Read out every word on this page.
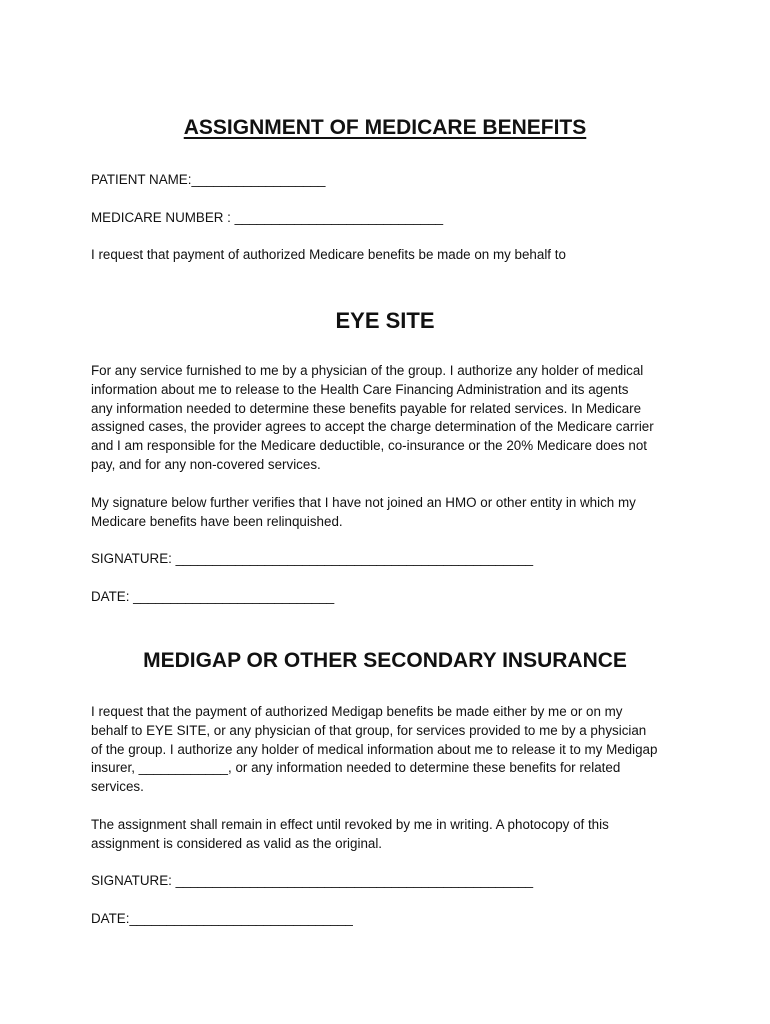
ASSIGNMENT OF MEDICARE BENEFITS

PATIENT NAME:__________________

MEDICARE NUMBER : ____________________________

I request that payment of authorized Medicare benefits be made on my behalf to

EYE SITE
For any service furnished to me by a physician of the group. I authorize any holder of medical
information about me to release to the Health Care Financing Administration and its agents
any information needed to determine these benefits payable for related services. In Medicare
assigned cases, the provider agrees to accept the charge determination of the Medicare carrier
and I am responsible for the Medicare deductible, co-insurance or the 20% Medicare does not
pay, and for any non-covered services.
My signature below further verifies that I have not joined an HMO or other entity in which my
Medicare benefits have been relinquished.

SIGNATURE: ________________________________________________

DATE: ___________________________

MEDIGAP OR OTHER SECONDARY INSURANCE
I request that the payment of authorized Medigap benefits be made either by me or on my
behalf to EYE SITE, or any physician of that group, for services provided to me by a physician
of the group. I authorize any holder of medical information about me to release it to my Medigap
insurer, ____________, or any information needed to determine these benefits for related
services.
The assignment shall remain in effect until revoked by me in writing. A photocopy of this
assignment is considered as valid as the original.

SIGNATURE: ________________________________________________

DATE:______________________________
